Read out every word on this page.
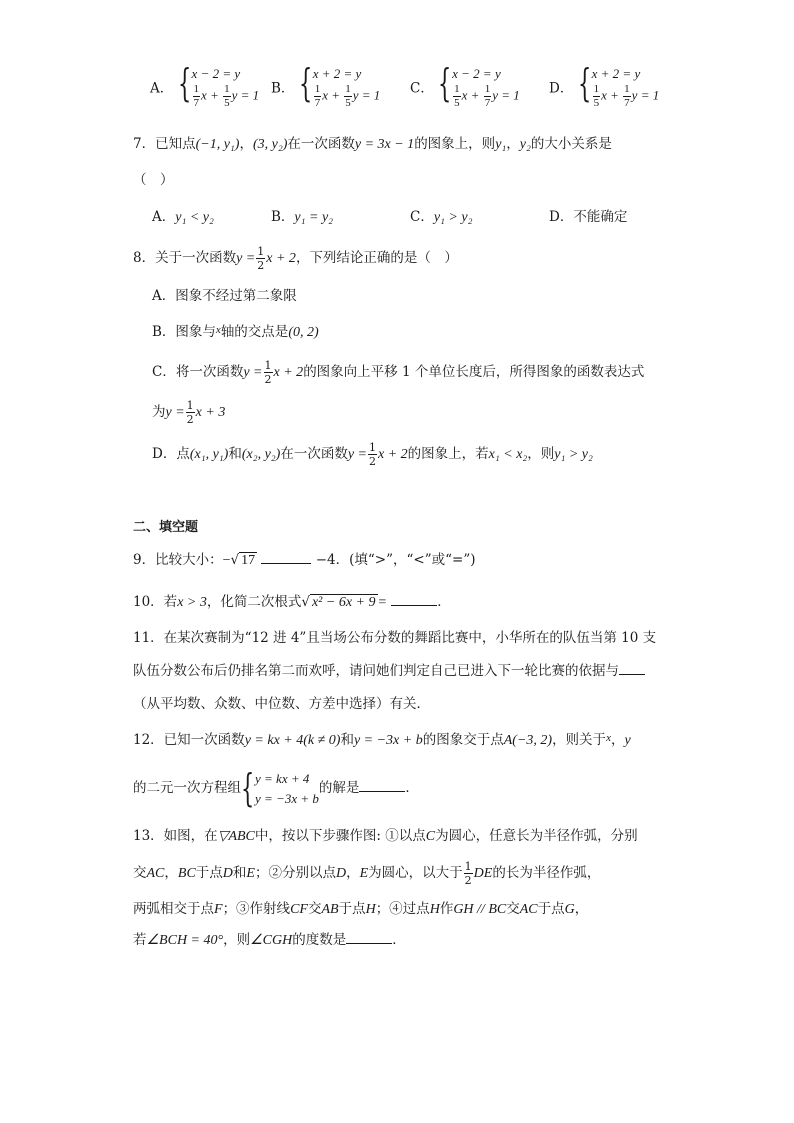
A． { x − 2 = y
$\frac{1}{7}$ $x + \frac{1}{5}$ y = 1 B． { x + 2 = y
$\frac{1}{7}$ $x + \frac{1}{5}$ y = 1 C． { x − 2 = y
$\frac{1}{5}$ $x + \frac{1}{7}$ y = 1 D． { x + 2 = y
$\frac{1}{5}$ $x + \frac{1}{7}$ y = 1
7．已知点(−1, y₁)，(3, y₂)在一次函数y = 3x − 1的图象上，则y₁，y₂的大小关系是
（　）
A．y₁ < y₂	B．y₁ = y₂	C．y₁ > y₂	D．不能确定
8．关于一次函数$y = \frac{1}{2}$ x + 2，下列结论正确的是（　）
A．图象不经过第二象限
B．图象与$^x$轴的交点是(0, 2)
C．将一次函数$y = \frac{1}{2}$ x + 2的图象向上平移 1 个单位长度后，所得图象的函数表达式
为$y = \frac{1}{2}$ x + 3
D．点(x₁, y₁)和(x₂, y₂)在一次函数$y = \frac{1}{2}$ x + 2的图象上，若x₁ < x₂，则y₁ > y₂
二、填空题
9．比较大小：−√ 17	−4．(填“>”，“<”或“=”)
10．若x > 3，化简二次根式√ x² − 6x + 9 =	．
11．在某次赛制为“12 进 4”且当场公布分数的舞蹈比赛中，小华所在的队伍当第 10 支
队伍分数公布后仍排名第二而欢呼，请问她们判定自己已进入下一轮比赛的依据与
（从平均数、众数、中位数、方差中选择）有关．
12．已知一次函数y = kx + 4(k ≠ 0)和y = −3x + b的图象交于点A(−3, 2)，则关于$^x$，y
的二元一次方程组 { y = kx + 4
y = −3x + b
的解是	．
13．如图，在▽ABC中，按以下步骤作图: ①以点C为圆心，任意长为半径作弧，分别
交AC，BC于点D和E；②分别以点D，E为圆心，以大于 $\frac{1}{2}$ DE的长为半径作弧，
两弧相交于点F；③作射线CF交AB于点H；④过点H作GH // BC交AC于点G，
若∠BCH = 40°，则∠CGH的度数是	．
